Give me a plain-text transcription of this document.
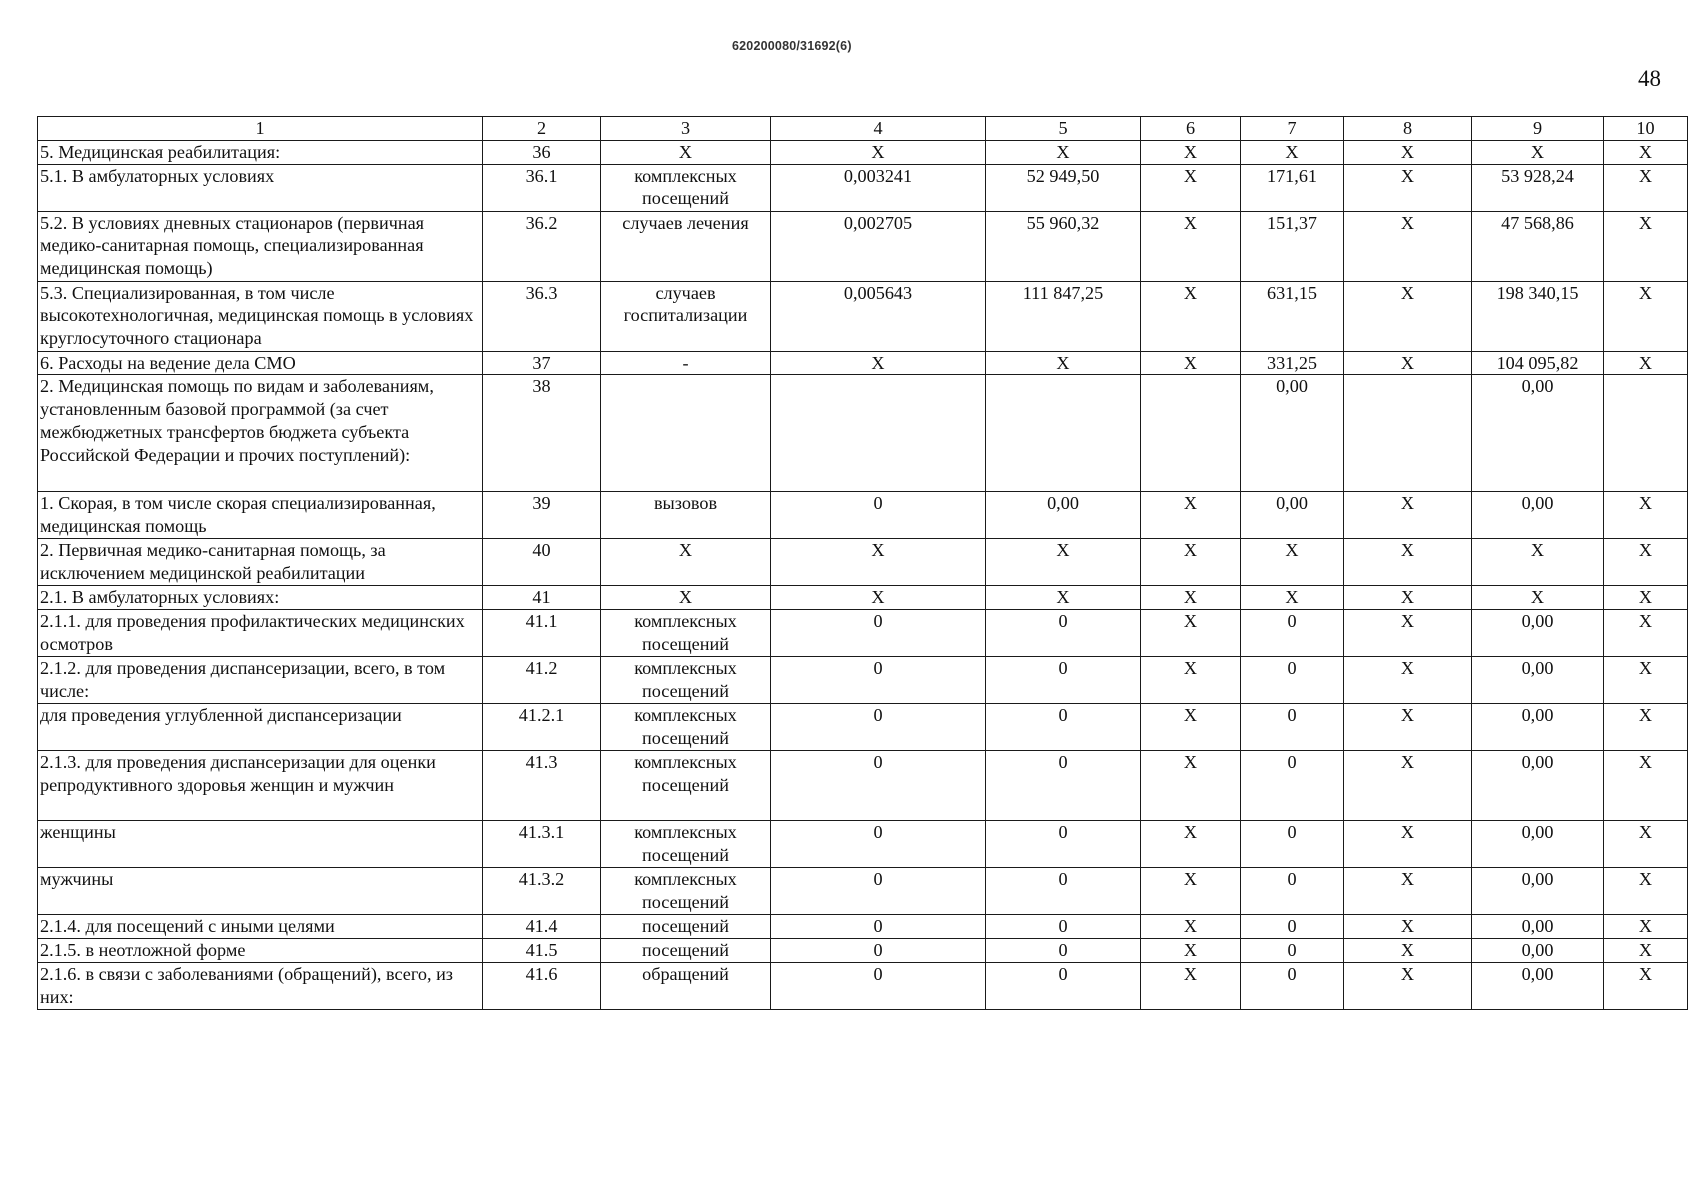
620200080/31692(6)
48
1	2	3	4	5	6	7	8	9	10
5. Медицинская реабилитация:	36	Х	Х	Х	Х	Х	Х	Х	Х
5.1. В амбулаторных условиях	36.1	комплексных посещений	0,003241	52 949,50	Х	171,61	Х	53 928,24	Х
5.2. В условиях дневных стационаров (первичная медико-санитарная помощь, специализированная медицинская помощь)	36.2	случаев лечения	0,002705	55 960,32	Х	151,37	Х	47 568,86	Х
5.3. Специализированная, в том числе высокотехнологичная, медицинская помощь в условиях круглосуточного стационара	36.3	случаев госпитализации	0,005643	111 847,25	Х	631,15	Х	198 340,15	Х
6. Расходы на ведение дела СМО	37	-	Х	Х	Х	331,25	Х	104 095,82	Х
2. Медицинская помощь по видам и заболеваниям, установленным базовой программой (за счет межбюджетных трансфертов бюджета субъекта Российской Федерации и прочих поступлений):	38					0,00		0,00	
1. Скорая, в том числе скорая специализированная, медицинская помощь	39	вызовов	0	0,00	Х	0,00	Х	0,00	Х
2. Первичная медико-санитарная помощь, за исключением медицинской реабилитации	40	Х	Х	Х	Х	Х	Х	Х	Х
2.1. В амбулаторных условиях:	41	Х	Х	Х	Х	Х	Х	Х	Х
2.1.1. для проведения профилактических медицинских осмотров	41.1	комплексных посещений	0	0	Х	0	Х	0,00	Х
2.1.2. для проведения диспансеризации, всего, в том числе:	41.2	комплексных посещений	0	0	Х	0	Х	0,00	Х
для проведения углубленной диспансеризации	41.2.1	комплексных посещений	0	0	Х	0	Х	0,00	Х
2.1.3. для проведения диспансеризации для оценки репродуктивного здоровья женщин и мужчин	41.3	комплексных посещений	0	0	Х	0	Х	0,00	Х
женщины	41.3.1	комплексных посещений	0	0	Х	0	Х	0,00	Х
мужчины	41.3.2	комплексных посещений	0	0	Х	0	Х	0,00	Х
2.1.4. для посещений с иными целями	41.4	посещений	0	0	Х	0	Х	0,00	Х
2.1.5. в неотложной форме	41.5	посещений	0	0	Х	0	Х	0,00	Х
2.1.6. в связи с заболеваниями (обращений), всего, из них:	41.6	обращений	0	0	Х	0	Х	0,00	Х
